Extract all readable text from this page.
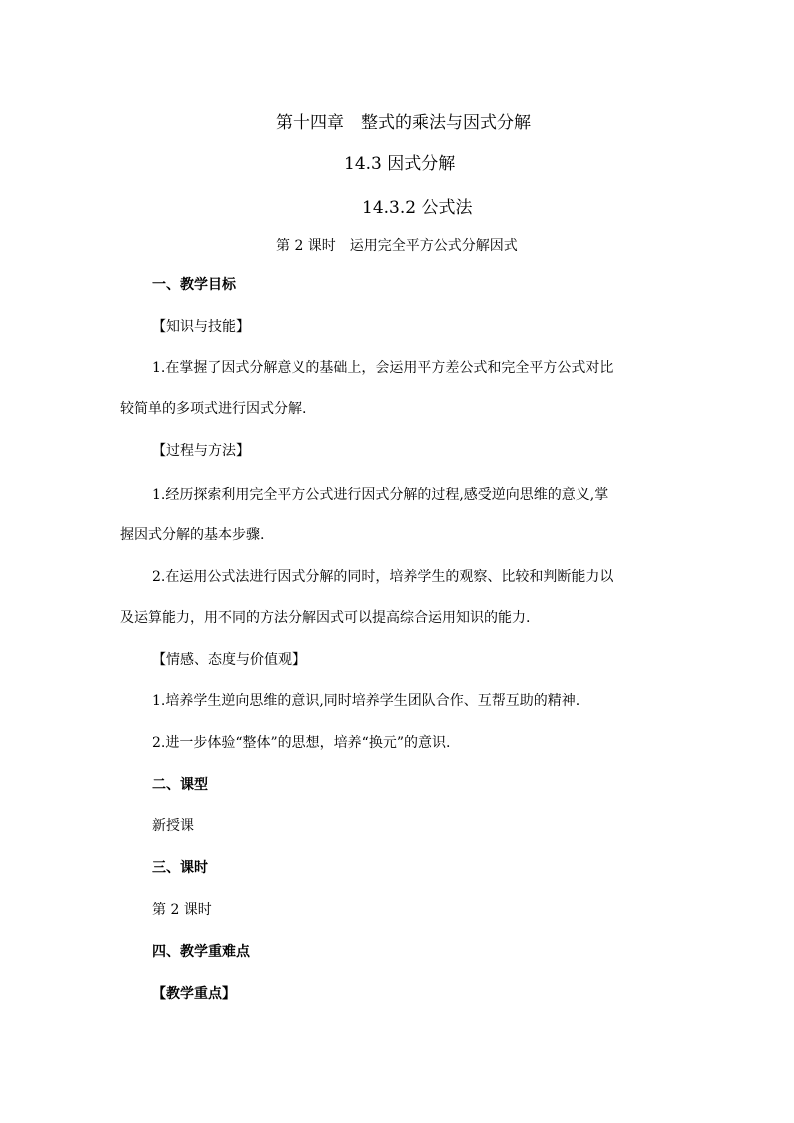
第十四章　整式的乘法与因式分解
14.3 因式分解
14.3.2 公式法
第 2 课时　运用完全平方公式分解因式
一、教学目标
【知识与技能】
1.在掌握了因式分解意义的基础上，会运用平方差公式和完全平方公式对比
较简单的多项式进行因式分解.
【过程与方法】
1.经历探索利用完全平方公式进行因式分解的过程,感受逆向思维的意义,掌
握因式分解的基本步骤.
2.在运用公式法进行因式分解的同时，培养学生的观察、比较和判断能力以
及运算能力，用不同的方法分解因式可以提高综合运用知识的能力.
【情感、态度与价值观】
1.培养学生逆向思维的意识,同时培养学生团队合作、互帮互助的精神.
2.进一步体验“整体”的思想，培养“换元”的意识.
二、课型
新授课
三、课时
第 2 课时
四、教学重难点
【教学重点】
